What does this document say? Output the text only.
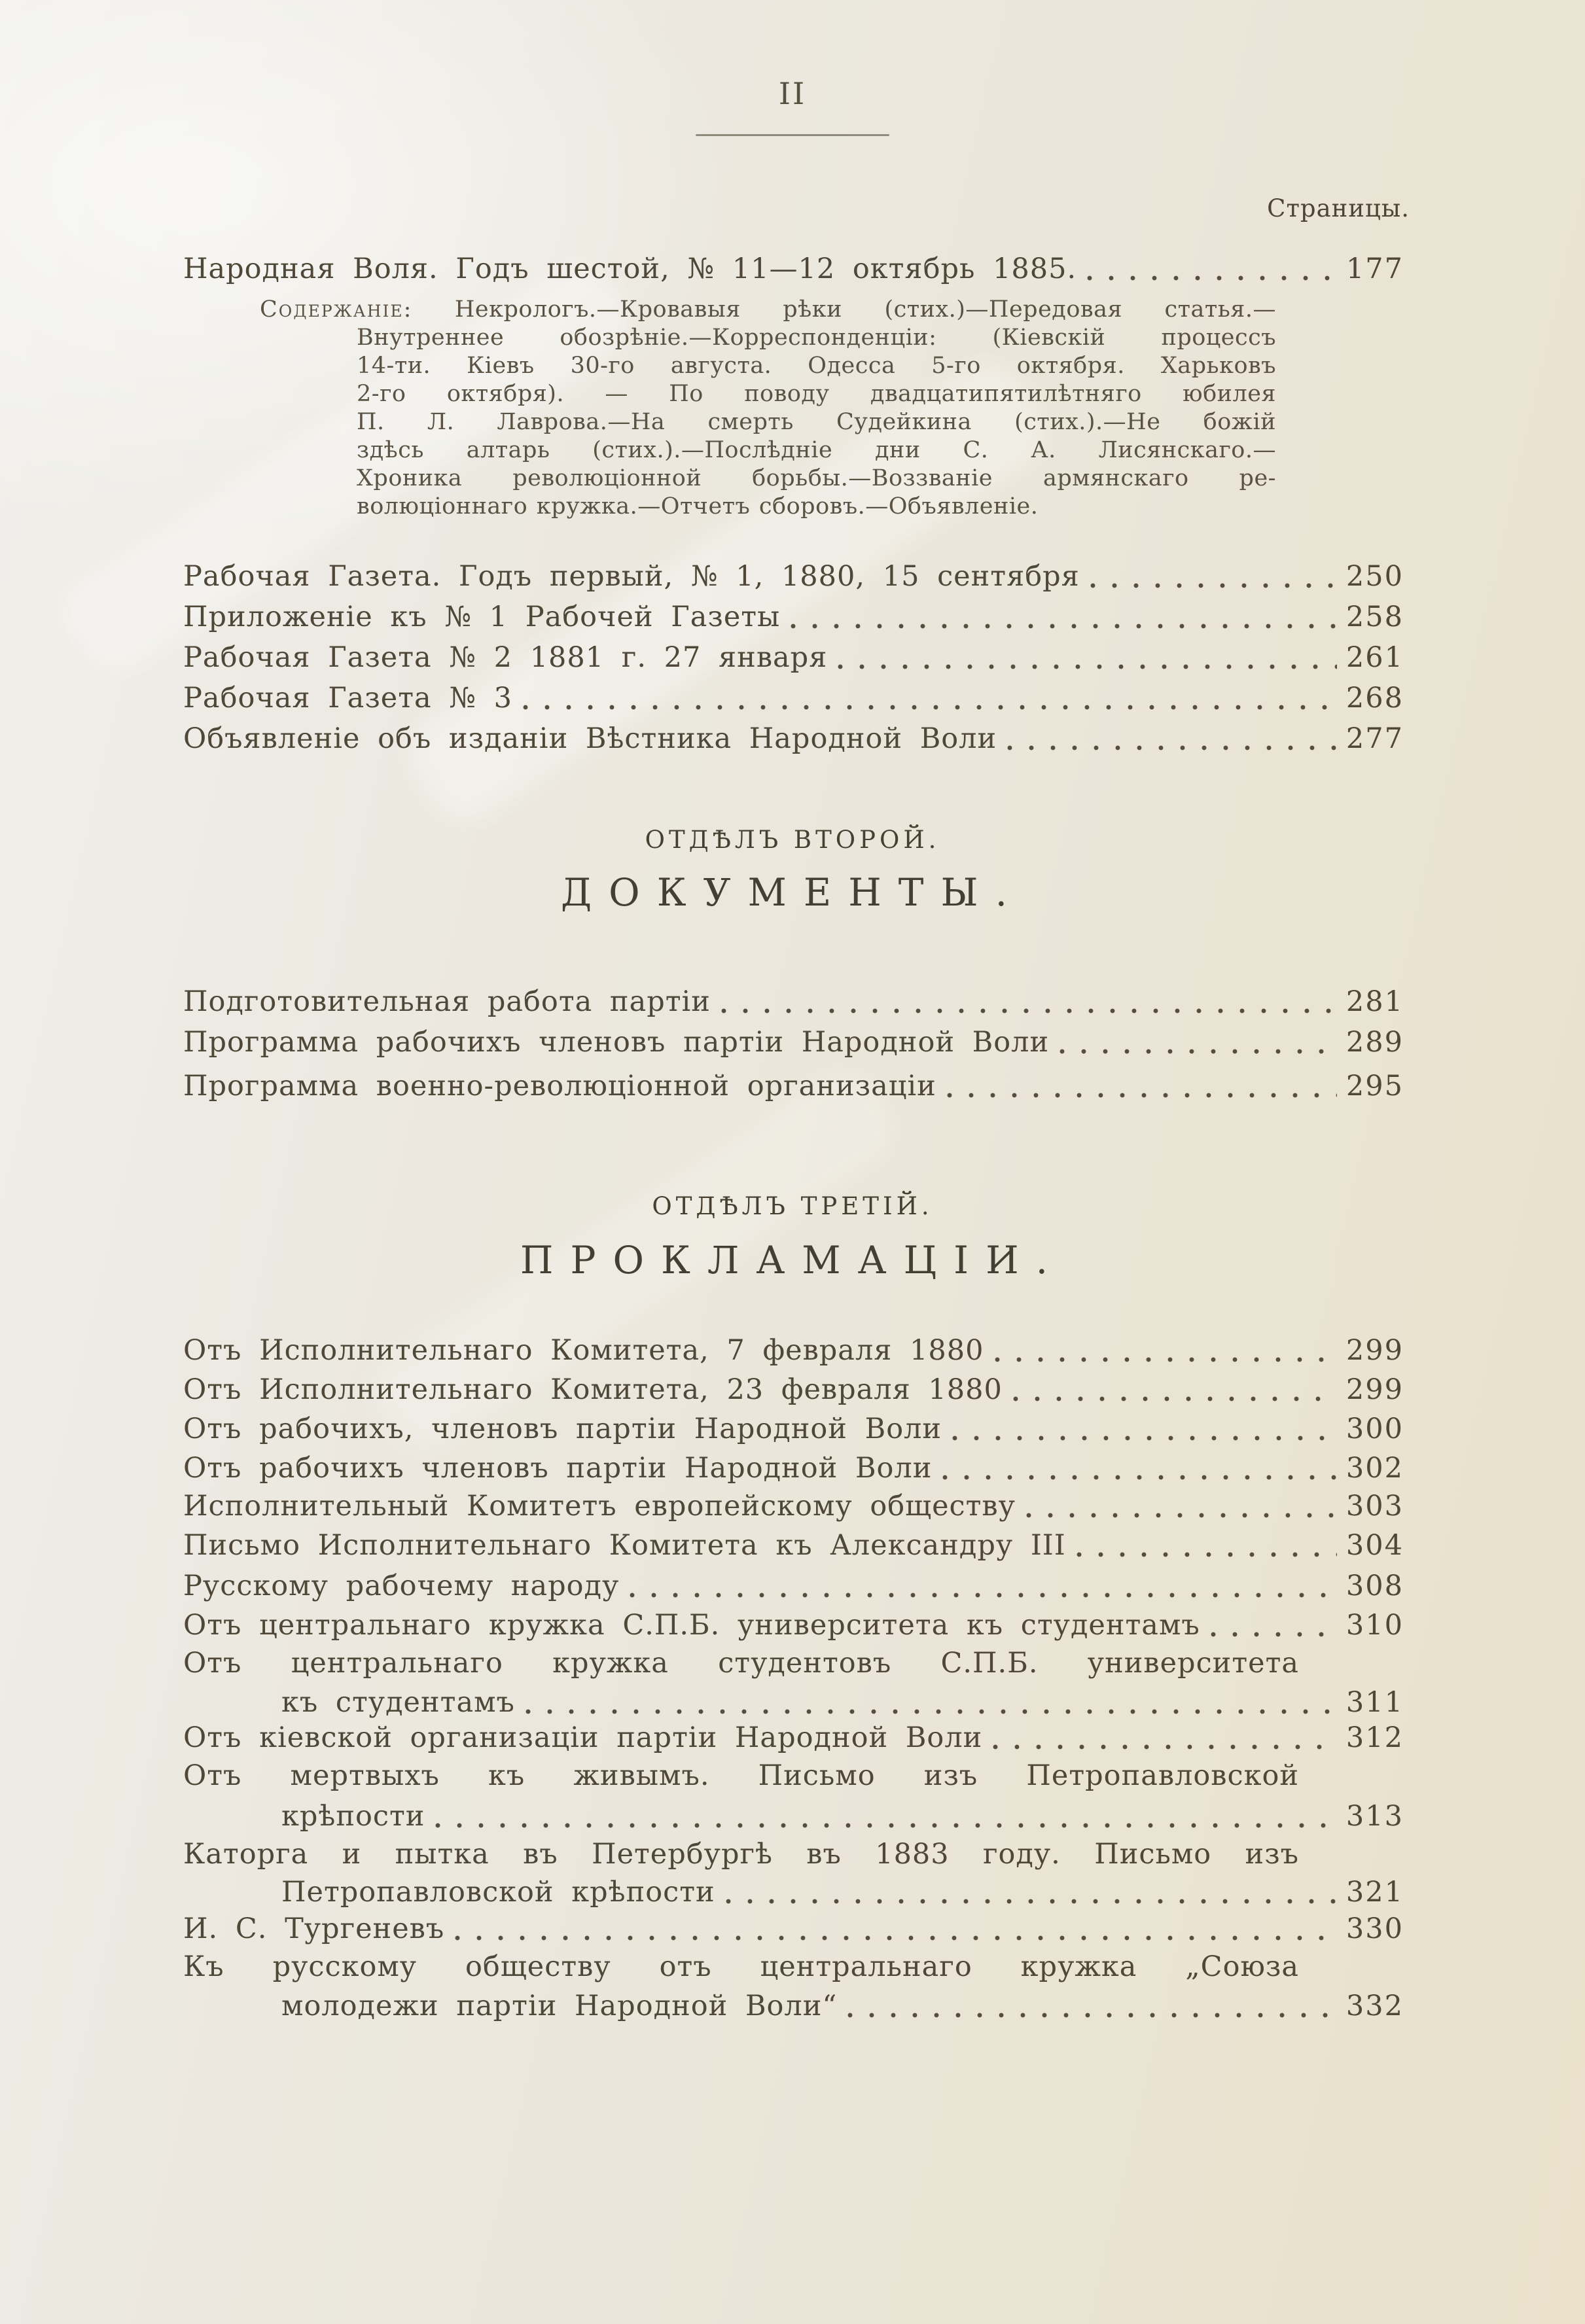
II
Страницы.
Народная Воля. Годъ шестой, № 11—12 октябрь 1885.	177
Содержаніе: Некрологъ.—Кровавыя рѣки (стих.)—Передовая статья.—
Внутреннее обозрѣніе.—Корреспонденціи: (Кіевскій процессъ
14-ти. Кіевъ 30-го августа. Одесса 5-го октября. Харьковъ
2-го октября). — По поводу двадцатипятилѣтняго юбилея
П. Л. Лаврова.—На смерть Судейкина (стих.).—Не божій
здѣсь алтарь (стих.).—Послѣдніе дни С. А. Лисянскаго.—
Хроника революціонной борьбы.—Воззваніе армянскаго ре-
волюціоннаго кружка.—Отчетъ сборовъ.—Объявленіе.
Рабочая Газета. Годъ первый, № 1, 1880, 15 сентября	250
Приложеніе къ № 1 Рабочей Газеты	258
Рабочая Газета № 2 1881 г. 27 января	261
Рабочая Газета № 3	268
Объявленіе объ изданіи Вѣстника Народной Воли	277
ОТДѢЛЪ ВТОРОЙ.
ДОКУМЕНТЫ.
Подготовительная работа партіи	281
Программа рабочихъ членовъ партіи Народной Воли	289
Программа военно-революціонной организаціи	295
ОТДѢЛЪ ТРЕТІЙ.
ПРОКЛАМАЦІИ.
Отъ Исполнительнаго Комитета, 7 февраля 1880	299
Отъ Исполнительнаго Комитета, 23 февраля 1880	299
Отъ рабочихъ, членовъ партіи Народной Воли	300
Отъ рабочихъ членовъ партіи Народной Воли	302
Исполнительный Комитетъ европейскому обществу	303
Письмо Исполнительнаго Комитета къ Александру III	304
Русскому рабочему народу	308
Отъ центральнаго кружка С.П.Б. университета къ студентамъ	310
Отъ центральнаго кружка студентовъ С.П.Б. университета
къ студентамъ	311
Отъ кіевской организаціи партіи Народной Воли	312
Отъ мертвыхъ къ живымъ. Письмо изъ Петропавловской
крѣпости	313
Каторга и пытка въ Петербургѣ въ 1883 году. Письмо изъ
Петропавловской крѣпости	321
И. С. Тургеневъ	330
Къ русскому обществу отъ центральнаго кружка „Союза
молодежи партіи Народной Воли“	332
